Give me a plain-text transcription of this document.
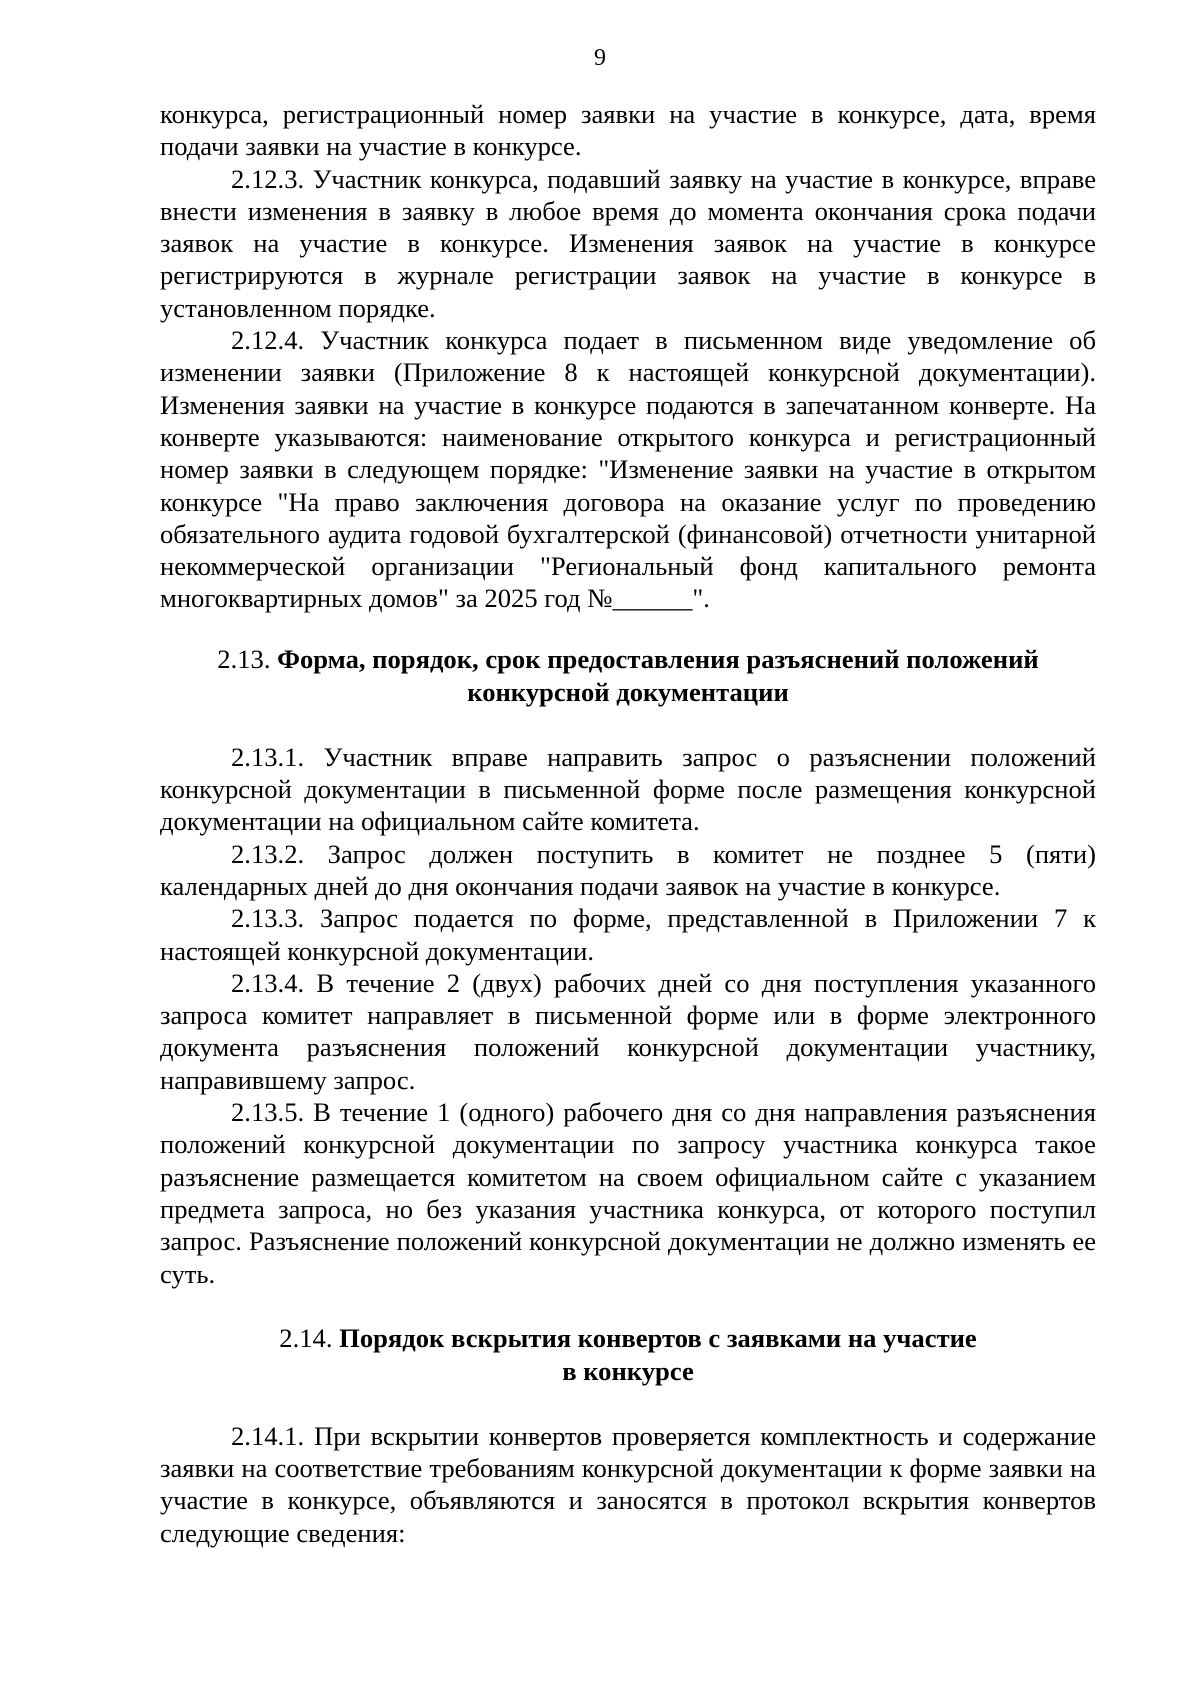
9

конкурса, регистрационный номер заявки на участие в конкурсе, дата, время подачи заявки на участие в конкурсе.

2.12.3. Участник конкурса, подавший заявку на участие в конкурсе, вправе внести изменения в заявку в любое время до момента окончания срока подачи заявок на участие в конкурсе. Изменения заявок на участие в конкурсе регистрируются в журнале регистрации заявок на участие в конкурсе в установленном порядке.

2.12.4. Участник конкурса подает в письменном виде уведомление об изменении заявки (Приложение 8 к настоящей конкурсной документации). Изменения заявки на участие в конкурсе подаются в запечатанном конверте. На конверте указываются: наименование открытого конкурса и регистрационный номер заявки в следующем порядке: "Изменение заявки на участие в открытом конкурсе "На право заключения договора на оказание услуг по проведению обязательного аудита годовой бухгалтерской (финансовой) отчетности унитарной некоммерческой организации "Региональный фонд капитального ремонта многоквартирных домов" за 2025 год №______".

2.13. Форма, порядок, срок предоставления разъяснений положений
конкурсной документации

2.13.1. Участник вправе направить запрос о разъяснении положений конкурсной документации в письменной форме после размещения конкурсной документации на официальном сайте комитета.

2.13.2. Запрос должен поступить в комитет не позднее 5 (пяти) календарных дней до дня окончания подачи заявок на участие в конкурсе.

2.13.3. Запрос подается по форме, представленной в Приложении 7 к настоящей конкурсной документации.

2.13.4. В течение 2 (двух) рабочих дней со дня поступления указанного запроса комитет направляет в письменной форме или в форме электронного документа разъяснения положений конкурсной документации участнику, направившему запрос.

2.13.5. В течение 1 (одного) рабочего дня со дня направления разъяснения положений конкурсной документации по запросу участника конкурса такое разъяснение размещается комитетом на своем официальном сайте с указанием предмета запроса, но без указания участника конкурса, от которого поступил запрос. Разъяснение положений конкурсной документации не должно изменять ее суть.

2.14. Порядок вскрытия конвертов с заявками на участие
в конкурсе

2.14.1. При вскрытии конвертов проверяется комплектность и содержание заявки на соответствие требованиям конкурсной документации к форме заявки на участие в конкурсе, объявляются и заносятся в протокол вскрытия конвертов следующие сведения:
